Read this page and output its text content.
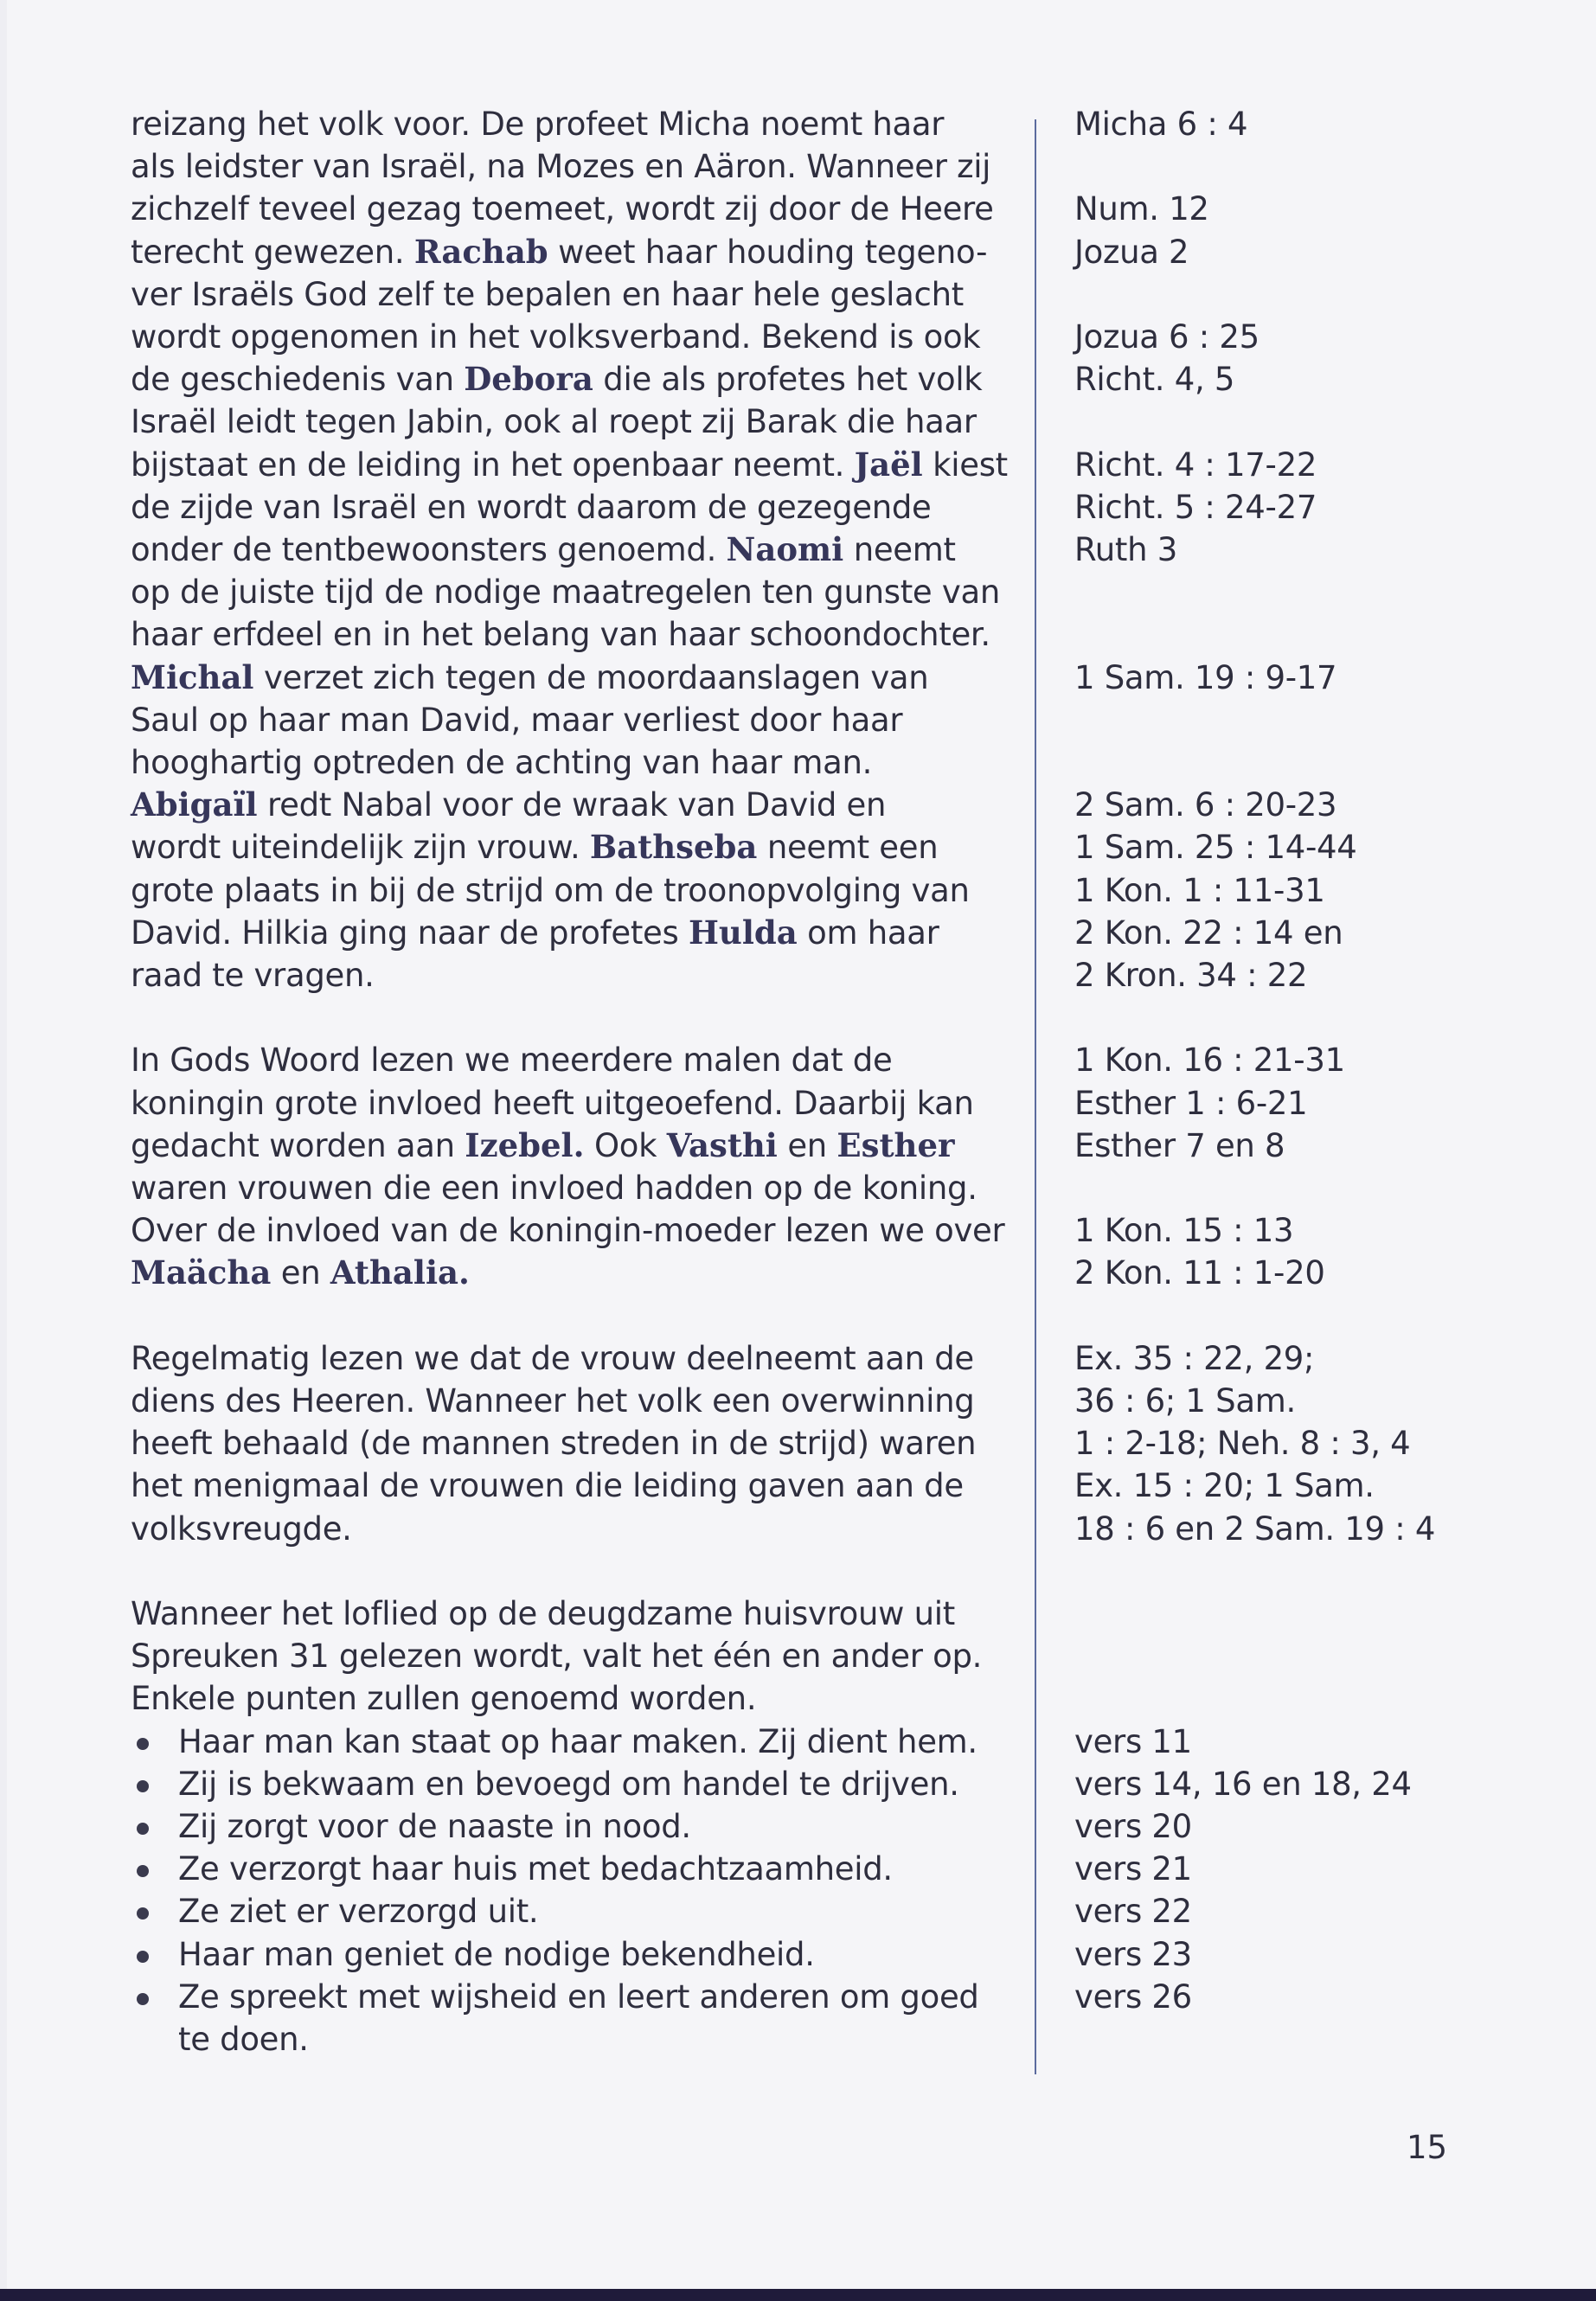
reizang het volk voor. De profeet Micha noemt haar
als leidster van Israël, na Mozes en Aäron. Wanneer zij
zichzelf teveel gezag toemeet, wordt zij door de Heere
terecht gewezen. Rachab weet haar houding tegeno-
ver Israëls God zelf te bepalen en haar hele geslacht
wordt opgenomen in het volksverband. Bekend is ook
de geschiedenis van Debora die als profetes het volk
Israël leidt tegen Jabin, ook al roept zij Barak die haar
bijstaat en de leiding in het openbaar neemt. Jaël kiest
de zijde van Israël en wordt daarom de gezegende
onder de tentbewoonsters genoemd. Naomi neemt
op de juiste tijd de nodige maatregelen ten gunste van
haar erfdeel en in het belang van haar schoondochter.
Michal verzet zich tegen de moordaanslagen van
Saul op haar man David, maar verliest door haar
hooghartig optreden de achting van haar man.
Abigaïl redt Nabal voor de wraak van David en
wordt uiteindelijk zijn vrouw. Bathseba neemt een
grote plaats in bij de strijd om de troonopvolging van
David. Hilkia ging naar de profetes Hulda om haar
raad te vragen.
In Gods Woord lezen we meerdere malen dat de
koningin grote invloed heeft uitgeoefend. Daarbij kan
gedacht worden aan Izebel. Ook Vasthi en Esther
waren vrouwen die een invloed hadden op de koning.
Over de invloed van de koningin-moeder lezen we over
Maächa en Athalia.
Regelmatig lezen we dat de vrouw deelneemt aan de
diens des Heeren. Wanneer het volk een overwinning
heeft behaald (de mannen streden in de strijd) waren
het menigmaal de vrouwen die leiding gaven aan de
volksvreugde.
Wanneer het loflied op de deugdzame huisvrouw uit
Spreuken 31 gelezen wordt, valt het één en ander op.
Enkele punten zullen genoemd worden.
Haar man kan staat op haar maken. Zij dient hem.
Zij is bekwaam en bevoegd om handel te drijven.
Zij zorgt voor de naaste in nood.
Ze verzorgt haar huis met bedachtzaamheid.
Ze ziet er verzorgd uit.
Haar man geniet de nodige bekendheid.
Ze spreekt met wijsheid en leert anderen om goed
te doen.
Micha 6 : 4
Num. 12
Jozua 2
Jozua 6 : 25
Richt. 4, 5
Richt. 4 : 17-22
Richt. 5 : 24-27
Ruth 3
1 Sam. 19 : 9-17
2 Sam. 6 : 20-23
1 Sam. 25 : 14-44
1 Kon. 1 : 11-31
2 Kon. 22 : 14 en
2 Kron. 34 : 22
1 Kon. 16 : 21-31
Esther 1 : 6-21
Esther 7 en 8
1 Kon. 15 : 13
2 Kon. 11 : 1-20
Ex. 35 : 22, 29;
36 : 6; 1 Sam.
1 : 2-18; Neh. 8 : 3, 4
Ex. 15 : 20; 1 Sam.
18 : 6 en 2 Sam. 19 : 4
vers 11
vers 14, 16 en 18, 24
vers 20
vers 21
vers 22
vers 23
vers 26
15
